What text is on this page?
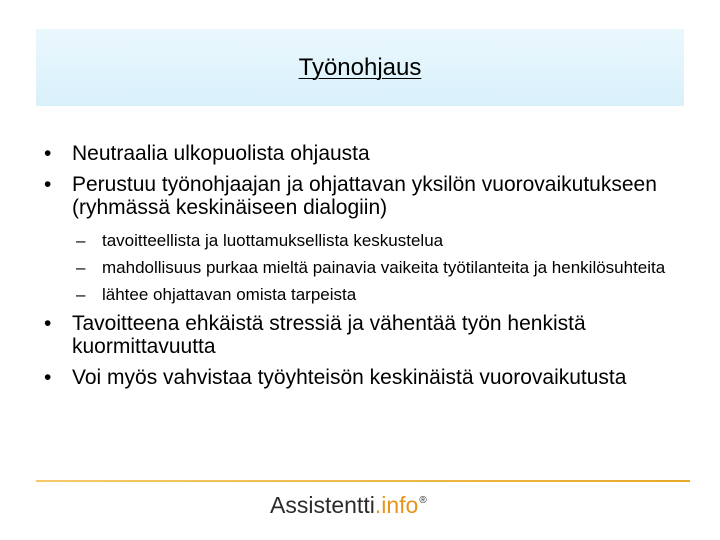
Työnohjaus
• Neutraalia ulkopuolista ohjausta
• Perustuu työnohjaajan ja ohjattavan yksilön vuorovaikutukseen (ryhmässä keskinäiseen dialogiin)
– tavoitteellista ja luottamuksellista keskustelua
– mahdollisuus purkaa mieltä painavia vaikeita työtilanteita ja henkilösuhteita
– lähtee ohjattavan omista tarpeista
• Tavoitteena ehkäistä stressiä ja vähentää työn henkistä kuormittavuutta
• Voi myös vahvistaa työyhteisön keskinäistä vuorovaikutusta
Assistentti . info ®
